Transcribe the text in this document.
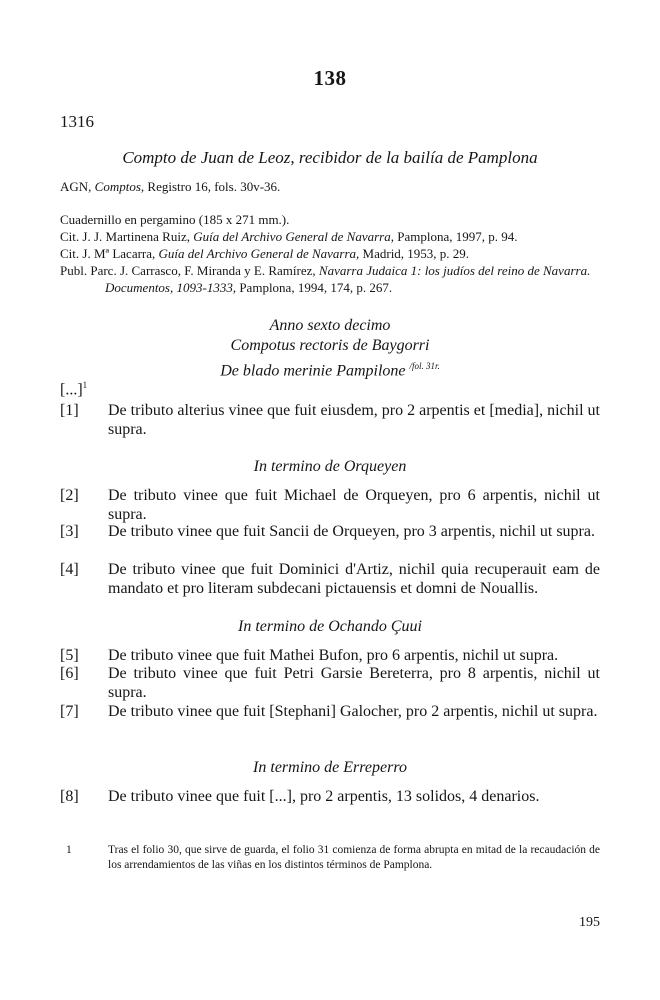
138
1316
Compto de Juan de Leoz, recibidor de la bailía de Pamplona
AGN, Comptos, Registro 16, fols. 30v-36.
Cuadernillo en pergamino (185 x 271 mm.).
Cit. J. J. Martinena Ruiz, Guía del Archivo General de Navarra, Pamplona, 1997, p. 94.
Cit. J. Mª Lacarra, Guía del Archivo General de Navarra, Madrid, 1953, p. 29.
Publ. Parc. J. Carrasco, F. Miranda y E. Ramírez, Navarra Judaica 1: los judíos del reino de Navarra. Documentos, 1093-1333, Pamplona, 1994, 174, p. 267.
Anno sexto decimo
Compotus rectoris de Baygorri
De blado merinie Pampilone $^{/fol. 31r.}$
[...]$^1$
[1]	De tributo alterius vinee que fuit eiusdem, pro 2 arpentis et [media], nichil ut supra.
In termino de Orqueyen
[2]	De tributo vinee que fuit Michael de Orqueyen, pro 6 arpentis, nichil ut supra.
[3]	De tributo vinee que fuit Sancii de Orqueyen, pro 3 arpentis, nichil ut supra.
[4]	De tributo vinee que fuit Dominici d'Artiz, nichil quia recuperauit eam de mandato et pro literam subdecani pictauensis et domni de Nouallis.
In termino de Ochando Çuui
[5]	De tributo vinee que fuit Mathei Bufon, pro 6 arpentis, nichil ut supra.
[6]	De tributo vinee que fuit Petri Garsie Bereterra, pro 8 arpentis, nichil ut supra.
[7]	De tributo vinee que fuit [Stephani] Galocher, pro 2 arpentis, nichil ut supra.
In termino de Erreperro
[8]	De tributo vinee que fuit [...], pro 2 arpentis, 13 solidos, 4 denarios.
1	Tras el folio 30, que sirve de guarda, el folio 31 comienza de forma abrupta en mitad de la recaudación de los arrendamientos de las viñas en los distintos términos de Pamplona.
195
